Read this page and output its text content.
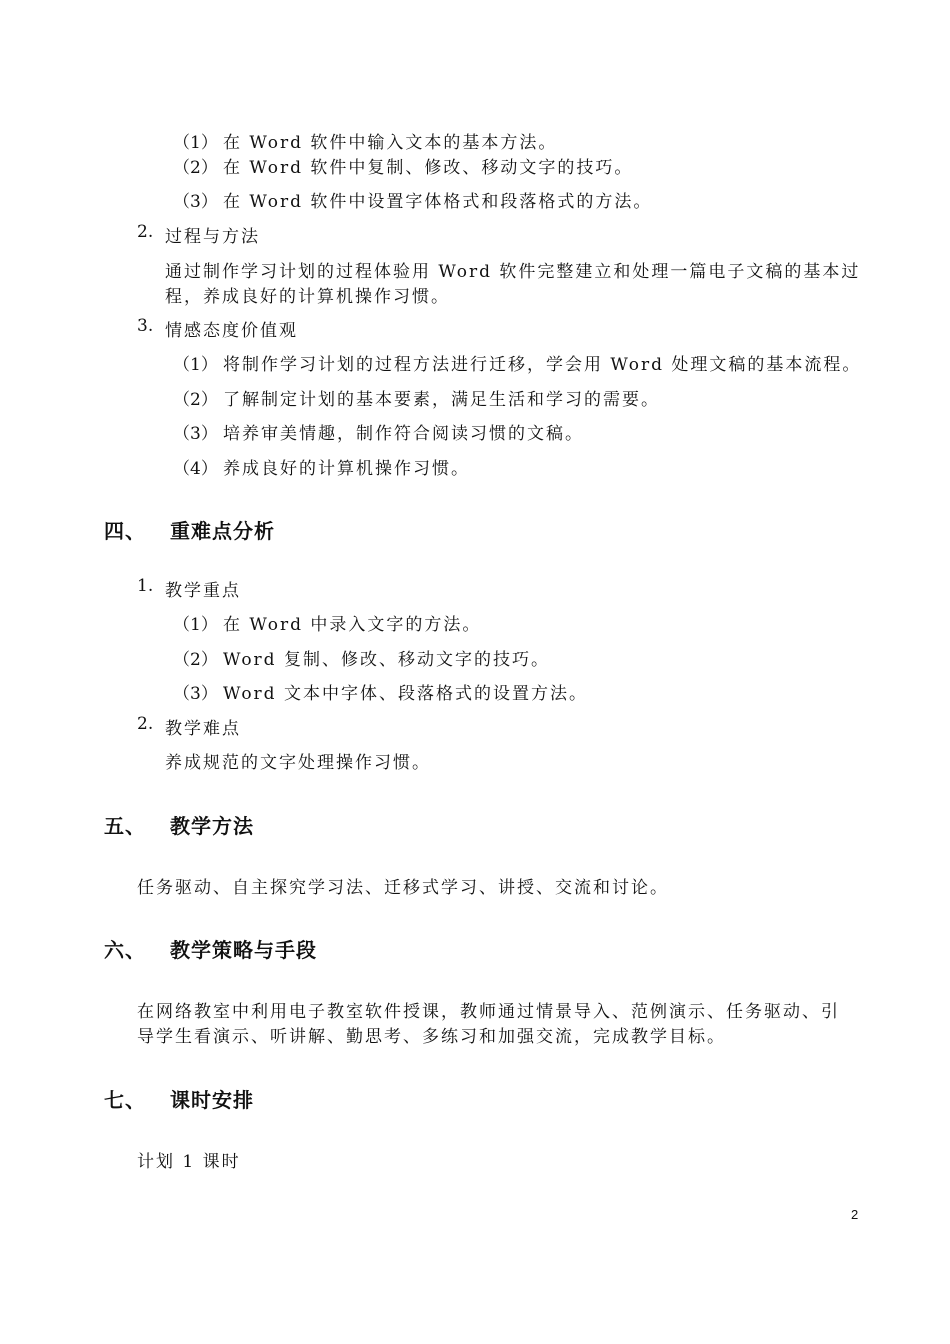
（1） 在 Word 软件中输入文本的基本方法。
（2） 在 Word 软件中复制、修改、移动文字的技巧。
（3） 在 Word 软件中设置字体格式和段落格式的方法。
2. 过程与方法
通过制作学习计划的过程体验用 Word 软件完整建立和处理一篇电子文稿的基本过
程，养成良好的计算机操作习惯。
3. 情感态度价值观
（1） 将制作学习计划的过程方法进行迁移，学会用 Word 处理文稿的基本流程。
（2） 了解制定计划的基本要素，满足生活和学习的需要。
（3） 培养审美情趣，制作符合阅读习惯的文稿。
（4） 养成良好的计算机操作习惯。
四、 重难点分析
1. 教学重点
（1） 在 Word 中录入文字的方法。
（2） Word 复制、修改、移动文字的技巧。
（3） Word 文本中字体、段落格式的设置方法。
2. 教学难点
养成规范的文字处理操作习惯。
五、 教学方法
任务驱动、自主探究学习法、迁移式学习、讲授、交流和讨论。
六、 教学策略与手段
在网络教室中利用电子教室软件授课，教师通过情景导入、范例演示、任务驱动、引
导学生看演示、听讲解、勤思考、多练习和加强交流，完成教学目标。
七、 课时安排
计划 1 课时
2
